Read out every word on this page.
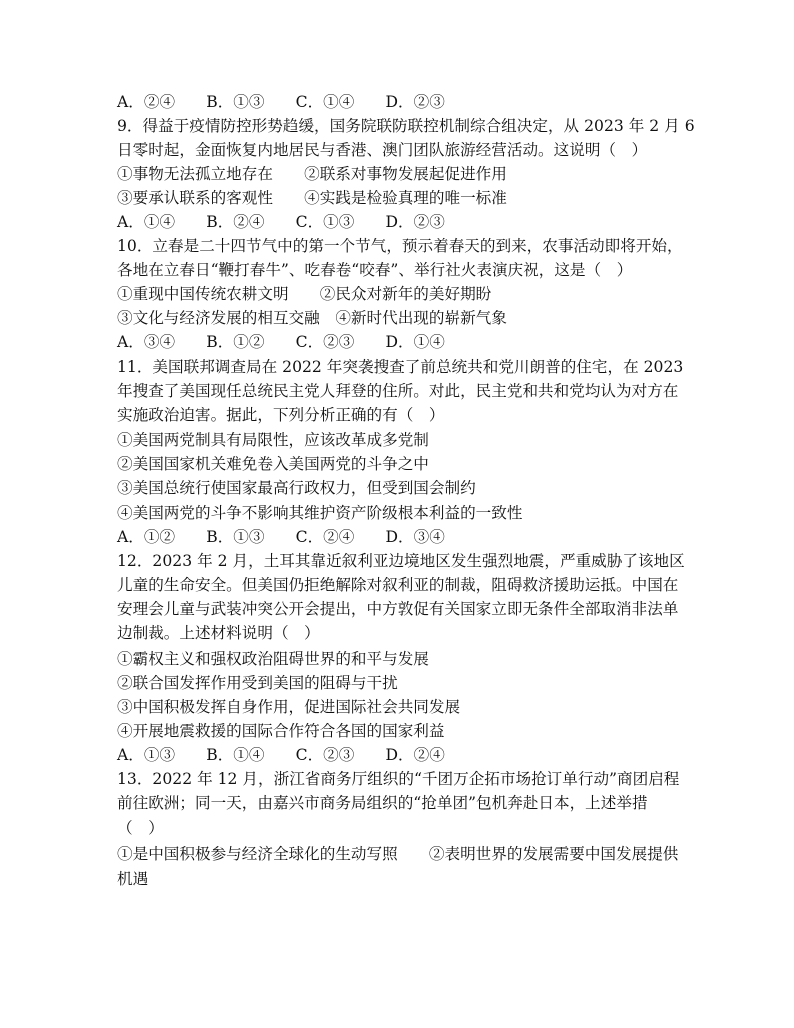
A．②④　　B．①③　　C．①④　　D．②③
9．得益于疫情防控形势趋缓，国务院联防联控机制综合组决定，从 2023 年 2 月 6
日零时起，金面恢复内地居民与香港、澳门团队旅游经营活动。这说明（　）
①事物无法孤立地存在　　②联系对事物发展起促进作用
③要承认联系的客观性　　④实践是检验真理的唯一标准
A．①④　　B．②④　　C．①③　　D．②③
10．立春是二十四节气中的第一个节气，预示着春天的到来，农事活动即将开始，
各地在立春日“鞭打春牛”、吃春卷“咬春”、举行社火表演庆祝，这是（　）
①重现中国传统农耕文明　　②民众对新年的美好期盼
③文化与经济发展的相互交融　④新时代出现的崭新气象
A．③④　　B．①②　　C．②③　　D．①④
11．美国联邦调查局在 2022 年突袭搜查了前总统共和党川朗普的住宅，在 2023
年搜查了美国现任总统民主党人拜登的住所。对此，民主党和共和党均认为对方在
实施政治迫害。据此，下列分析正确的有（　）
①美国两党制具有局限性，应该改革成多党制
②美国国家机关难免卷入美国两党的斗争之中
③美国总统行使国家最高行政权力，但受到国会制约
④美国两党的斗争不影响其维护资产阶级根本利益的一致性
A．①②　　B．①③　　C．②④　　D．③④
12．2023 年 2 月，土耳其靠近叙利亚边境地区发生强烈地震，严重威胁了该地区
儿童的生命安全。但美国仍拒绝解除对叙利亚的制裁，阻碍救济援助运抵。中国在
安理会儿童与武装冲突公开会提出，中方敦促有关国家立即无条件全部取消非法单
边制裁。上述材料说明（　）
①霸权主义和强权政治阻碍世界的和平与发展
②联合国发挥作用受到美国的阻碍与干扰
③中国积极发挥自身作用，促进国际社会共同发展
④开展地震救援的国际合作符合各国的国家利益
A．①③　　B．①④　　C．②③　　D．②④
13．2022 年 12 月，浙江省商务厅组织的“千团万企拓市场抢订单行动”商团启程
前往欧洲；同一天，由嘉兴市商务局组织的“抢单团”包机奔赴日本，上述举措
（　）
①是中国积极参与经济全球化的生动写照　　②表明世界的发展需要中国发展提供
机遇
